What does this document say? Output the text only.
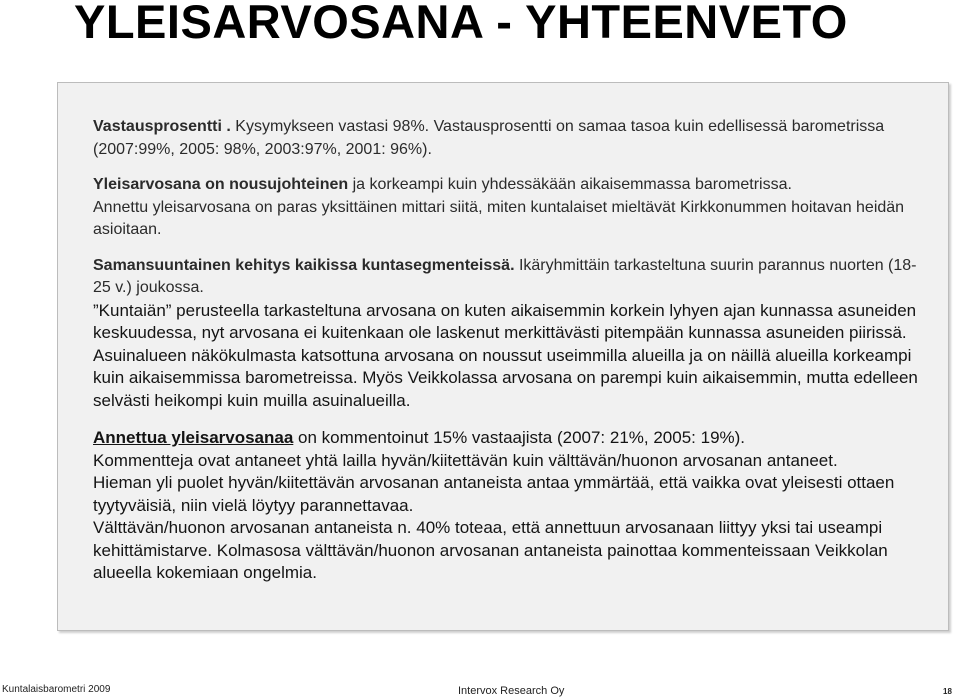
YLEISARVOSANA - YHTEENVETO

Vastausprosentti . Kysymykseen vastasi 98%. Vastausprosentti on samaa tasoa kuin edellisessä barometrissa (2007:99%, 2005: 98%, 2003:97%, 2001: 96%).

Yleisarvosana on nousujohteinen ja korkeampi kuin yhdessäkään aikaisemmassa barometrissa.

Annettu yleisarvosana on paras yksittäinen mittari siitä, miten kuntalaiset mieltävät Kirkkonummen hoitavan heidän asioitaan.

Samansuuntainen kehitys kaikissa kuntasegmenteissä. Ikäryhmittäin tarkasteltuna suurin parannus nuorten (18-25 v.) joukossa.

”Kuntaiän” perusteella tarkasteltuna arvosana on kuten aikaisemmin korkein lyhyen ajan kunnassa asuneiden keskuudessa, nyt arvosana ei kuitenkaan ole laskenut merkittävästi pitempään kunnassa asuneiden piirissä.

Asuinalueen näkökulmasta katsottuna arvosana on noussut useimmilla alueilla ja on näillä alueilla korkeampi kuin aikaisemmissa barometreissa. Myös Veikkolassa arvosana on parempi kuin aikaisemmin, mutta edelleen selvästi heikompi kuin muilla asuinalueilla.

Annettua yleisarvosanaa on kommentoinut 15% vastaajista (2007: 21%, 2005: 19%).

Kommentteja ovat antaneet yhtä lailla hyvän/kiitettävän kuin välttävän/huonon arvosanan antaneet.

Hieman yli puolet hyvän/kiitettävän arvosanan antaneista antaa ymmärtää, että vaikka ovat yleisesti ottaen tyytyväisiä, niin vielä löytyy parannettavaa.

Välttävän/huonon arvosanan antaneista n. 40% toteaa, että annettuun arvosanaan liittyy yksi tai useampi kehittämistarve. Kolmasosa välttävän/huonon arvosanan antaneista painottaa kommenteissaan Veikkolan alueella kokemiaan ongelmia.

Kuntalaisbarometri 2009	Intervox Research Oy	18
